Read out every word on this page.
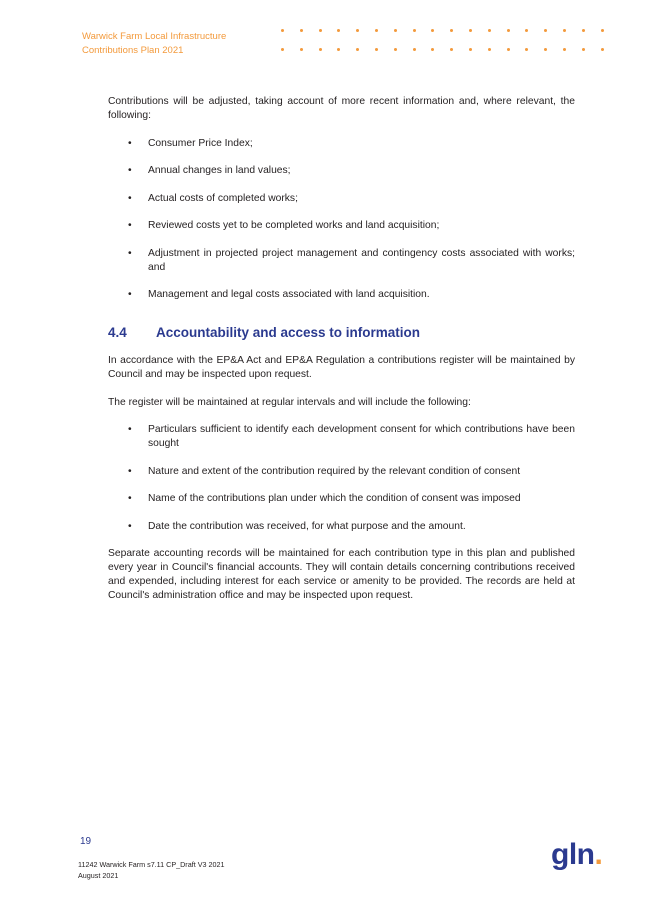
Warwick Farm Local Infrastructure
Contributions Plan 2021

Contributions will be adjusted, taking account of more recent information and, where relevant, the following:

• Consumer Price Index;
• Annual changes in land values;
• Actual costs of completed works;
• Reviewed costs yet to be completed works and land acquisition;
• Adjustment in projected project management and contingency costs associated with works; and
• Management and legal costs associated with land acquisition.
4.4	Accountability and access to information

In accordance with the EP&A Act and EP&A Regulation a contributions register will be maintained by Council and may be inspected upon request.

The register will be maintained at regular intervals and will include the following:

• Particulars sufficient to identify each development consent for which contributions have been sought
• Nature and extent of the contribution required by the relevant condition of consent
• Name of the contributions plan under which the condition of consent was imposed
• Date the contribution was received, for what purpose and the amount.

Separate accounting records will be maintained for each contribution type in this plan and published every year in Council's financial accounts. They will contain details concerning contributions received and expended, including interest for each service or amenity to be provided. The records are held at Council's administration office and may be inspected upon request.

19
11242 Warwick Farm s7.11 CP_Draft V3 2021
August 2021
gln.
